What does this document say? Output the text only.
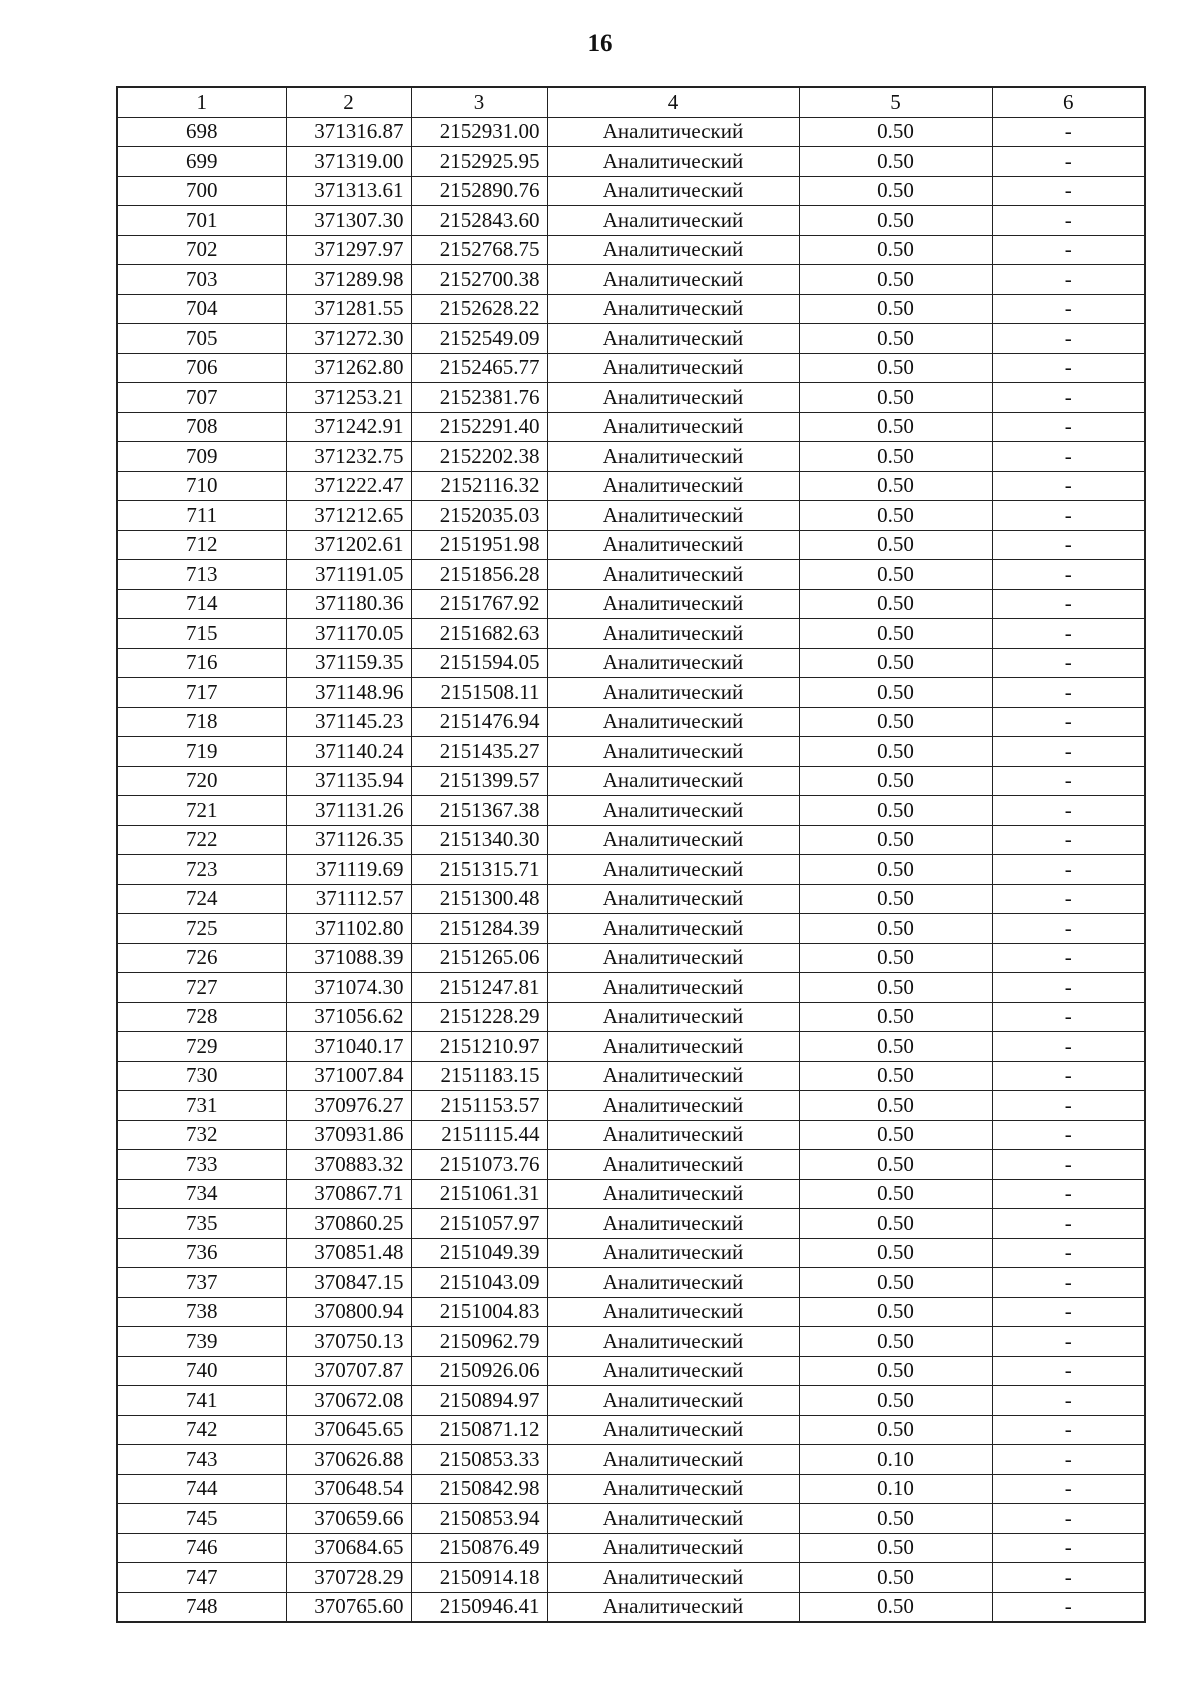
16
1	2	3	4	5	6
698	371316.87	2152931.00	Аналитический	0.50	-
699	371319.00	2152925.95	Аналитический	0.50	-
700	371313.61	2152890.76	Аналитический	0.50	-
701	371307.30	2152843.60	Аналитический	0.50	-
702	371297.97	2152768.75	Аналитический	0.50	-
703	371289.98	2152700.38	Аналитический	0.50	-
704	371281.55	2152628.22	Аналитический	0.50	-
705	371272.30	2152549.09	Аналитический	0.50	-
706	371262.80	2152465.77	Аналитический	0.50	-
707	371253.21	2152381.76	Аналитический	0.50	-
708	371242.91	2152291.40	Аналитический	0.50	-
709	371232.75	2152202.38	Аналитический	0.50	-
710	371222.47	2152116.32	Аналитический	0.50	-
711	371212.65	2152035.03	Аналитический	0.50	-
712	371202.61	2151951.98	Аналитический	0.50	-
713	371191.05	2151856.28	Аналитический	0.50	-
714	371180.36	2151767.92	Аналитический	0.50	-
715	371170.05	2151682.63	Аналитический	0.50	-
716	371159.35	2151594.05	Аналитический	0.50	-
717	371148.96	2151508.11	Аналитический	0.50	-
718	371145.23	2151476.94	Аналитический	0.50	-
719	371140.24	2151435.27	Аналитический	0.50	-
720	371135.94	2151399.57	Аналитический	0.50	-
721	371131.26	2151367.38	Аналитический	0.50	-
722	371126.35	2151340.30	Аналитический	0.50	-
723	371119.69	2151315.71	Аналитический	0.50	-
724	371112.57	2151300.48	Аналитический	0.50	-
725	371102.80	2151284.39	Аналитический	0.50	-
726	371088.39	2151265.06	Аналитический	0.50	-
727	371074.30	2151247.81	Аналитический	0.50	-
728	371056.62	2151228.29	Аналитический	0.50	-
729	371040.17	2151210.97	Аналитический	0.50	-
730	371007.84	2151183.15	Аналитический	0.50	-
731	370976.27	2151153.57	Аналитический	0.50	-
732	370931.86	2151115.44	Аналитический	0.50	-
733	370883.32	2151073.76	Аналитический	0.50	-
734	370867.71	2151061.31	Аналитический	0.50	-
735	370860.25	2151057.97	Аналитический	0.50	-
736	370851.48	2151049.39	Аналитический	0.50	-
737	370847.15	2151043.09	Аналитический	0.50	-
738	370800.94	2151004.83	Аналитический	0.50	-
739	370750.13	2150962.79	Аналитический	0.50	-
740	370707.87	2150926.06	Аналитический	0.50	-
741	370672.08	2150894.97	Аналитический	0.50	-
742	370645.65	2150871.12	Аналитический	0.50	-
743	370626.88	2150853.33	Аналитический	0.10	-
744	370648.54	2150842.98	Аналитический	0.10	-
745	370659.66	2150853.94	Аналитический	0.50	-
746	370684.65	2150876.49	Аналитический	0.50	-
747	370728.29	2150914.18	Аналитический	0.50	-
748	370765.60	2150946.41	Аналитический	0.50	-
